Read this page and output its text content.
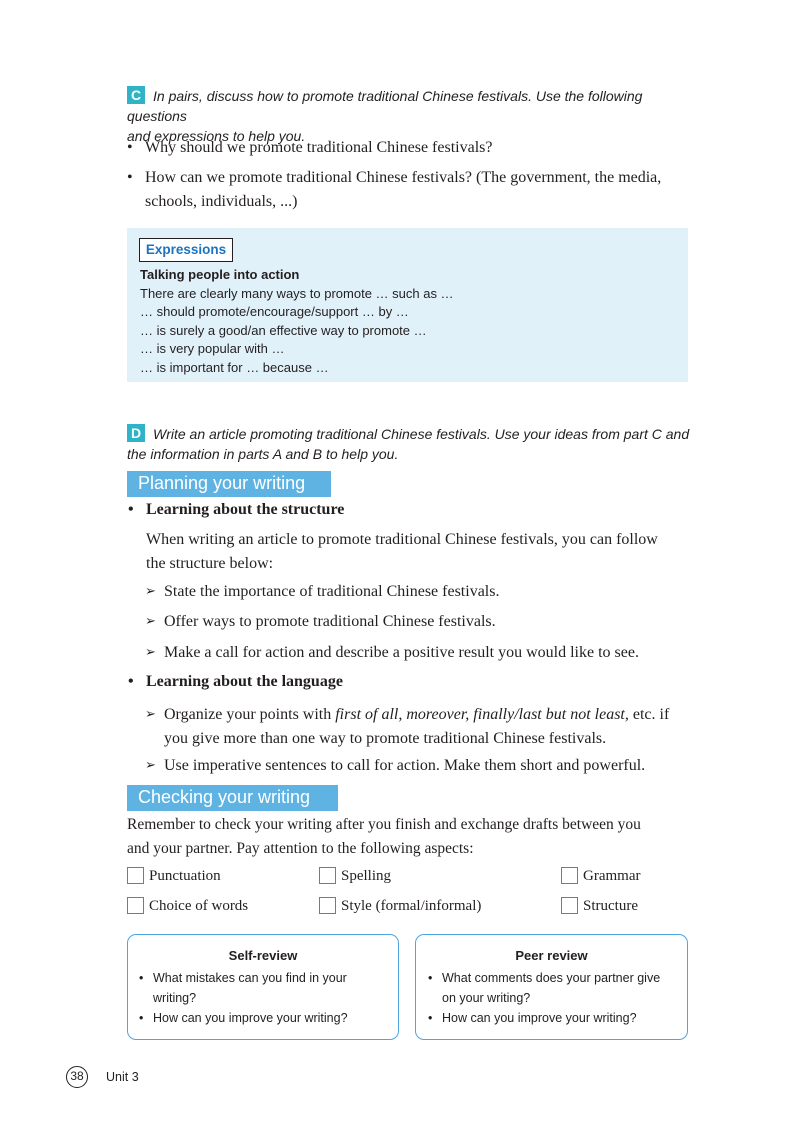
C In pairs, discuss how to promote traditional Chinese festivals. Use the following questions
and expressions to help you.
• Why should we promote traditional Chinese festivals?
• How can we promote traditional Chinese festivals? (The government, the media,
schools, individuals, ...)
Expressions
Talking people into action
There are clearly many ways to promote … such as …
… should promote/encourage/support … by …
… is surely a good/an effective way to promote …
… is very popular with …
… is important for … because …
D Write an article promoting traditional Chinese festivals. Use your ideas from part C and
the information in parts A and B to help you.
Planning your writing
• Learning about the structure
When writing an article to promote traditional Chinese festivals, you can follow
the structure below:
➢ State the importance of traditional Chinese festivals.
➢ Offer ways to promote traditional Chinese festivals.
➢ Make a call for action and describe a positive result you would like to see.
• Learning about the language
➢ Organize your points with first of all, moreover, finally/last but not least, etc. if
you give more than one way to promote traditional Chinese festivals.
➢ Use imperative sentences to call for action. Make them short and powerful.
Checking your writing
Remember to check your writing after you finish and exchange drafts between you
and your partner. Pay attention to the following aspects:
Punctuation	Spelling	Grammar
Choice of words	Style (formal/informal)	Structure
Self-review
• What mistakes can you find in your
writing?
• How can you improve your writing?
Peer review
• What comments does your partner give
on your writing?
• How can you improve your writing?
38	Unit 3
